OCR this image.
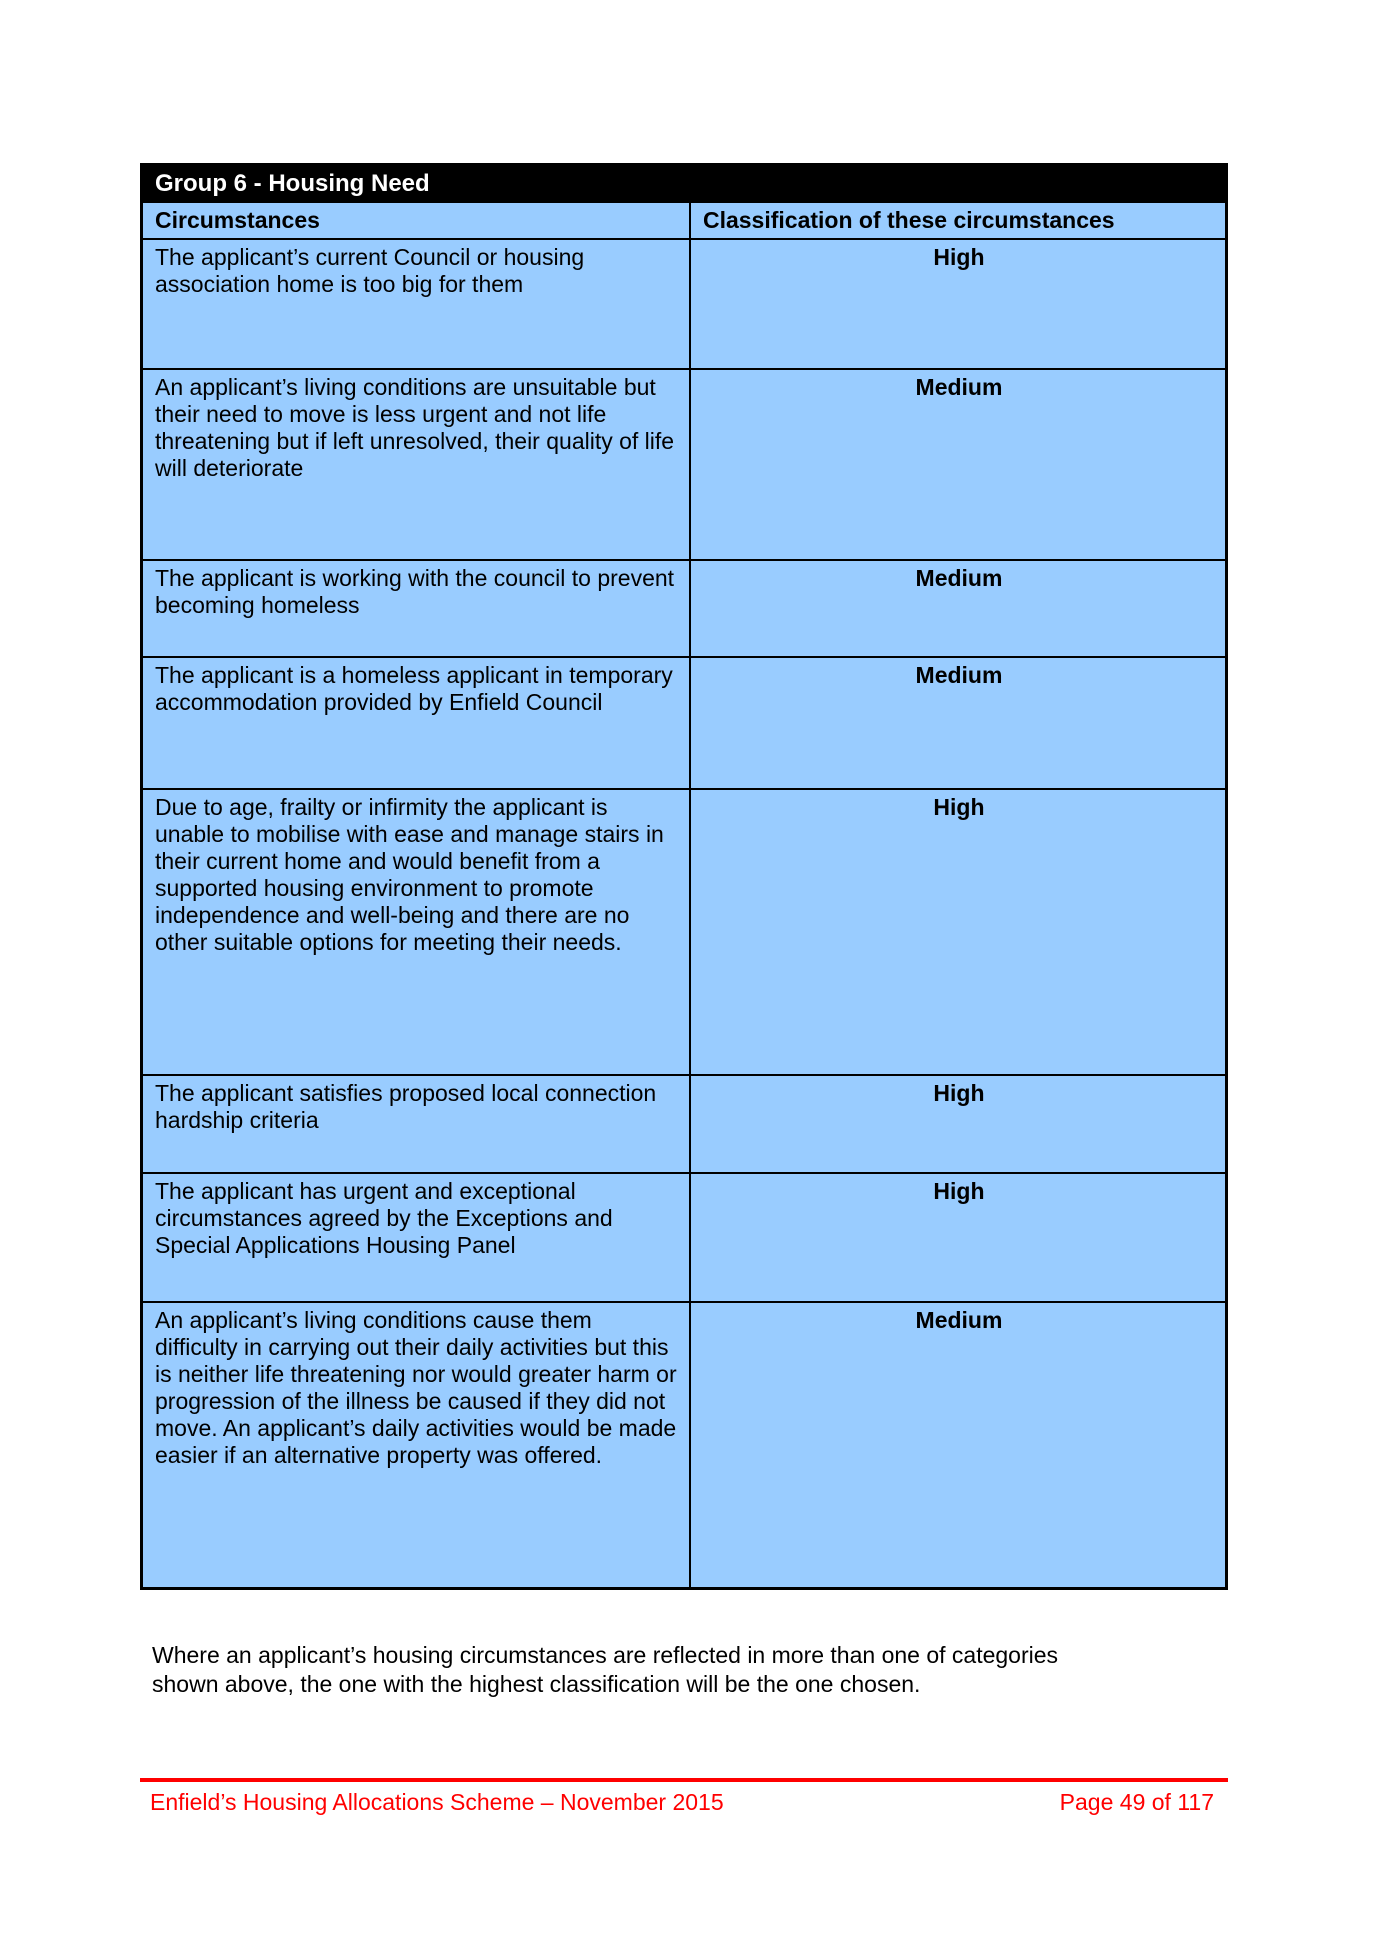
Group 6 - Housing Need	
Circumstances	Classification of these circumstances
The applicant’s current Council or housing association home is too big for them	High
An applicant’s living conditions are unsuitable but their need to move is less urgent and not life threatening but if left unresolved, their quality of life will deteriorate	Medium
The applicant is working with the council to prevent becoming homeless	Medium
The applicant is a homeless applicant in temporary accommodation provided by Enfield Council	Medium
Due to age, frailty or infirmity the applicant is unable to mobilise with ease and manage stairs in their current home and would benefit from a supported housing environment to promote independence and well-being and there are no other suitable options for meeting their needs.	High
The applicant satisfies proposed local connection hardship criteria	High
The applicant has urgent and exceptional circumstances agreed by the Exceptions and Special Applications Housing Panel	High
An applicant’s living conditions cause them difficulty in carrying out their daily activities but this is neither life threatening nor would greater harm or progression of the illness be caused if they did not move. An applicant’s daily activities would be made easier if an alternative property was offered.	Medium

Where an applicant’s housing circumstances are reflected in more than one of categories shown above, the one with the highest classification will be the one chosen.

Enfield’s Housing Allocations Scheme – November 2015	Page 49 of 117
